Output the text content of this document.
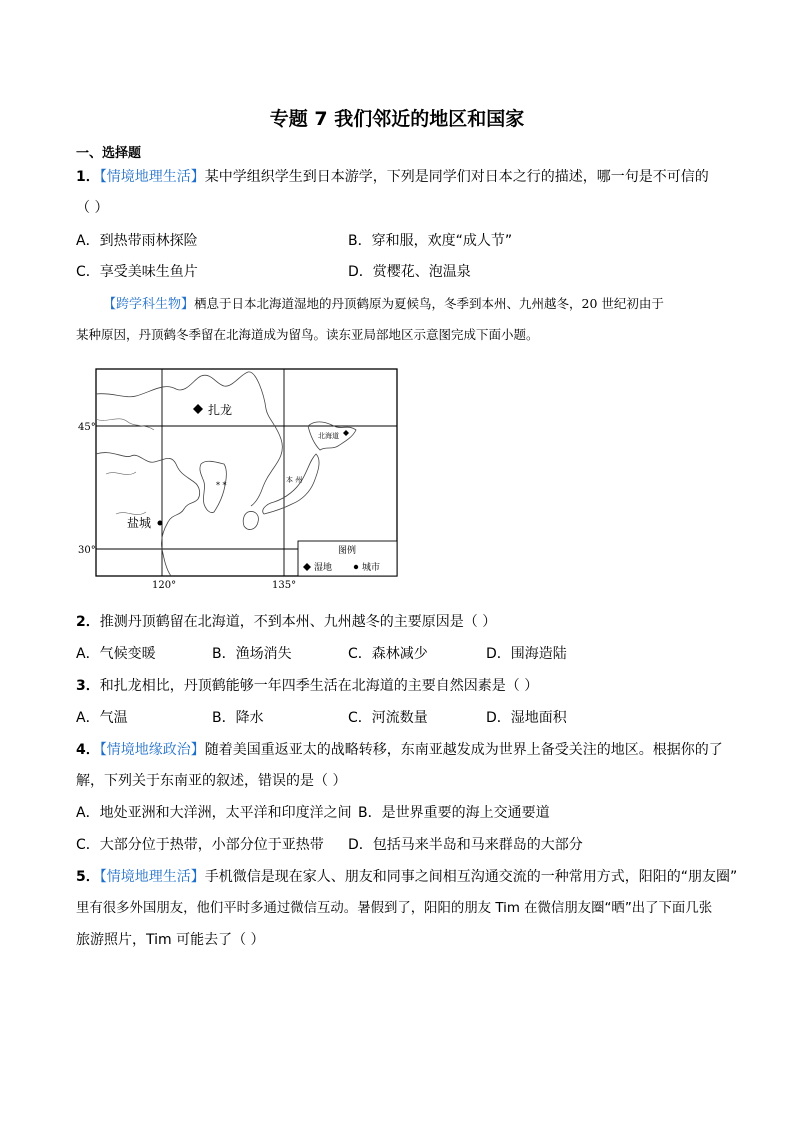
专题 7 我们邻近的地区和国家
一、选择题
1．【情境地理生活】某中学组织学生到日本游学，下列是同学们对日本之行的描述，哪一句是不可信的
（ ）
A．到热带雨林探险	B．穿和服，欢度“成人节”
C．享受美味生鱼片	D．赏樱花、泡温泉
【跨学科生物】栖息于日本北海道湿地的丹顶鹤原为夏候鸟，冬季到本州、九州越冬，20 世纪初由于
某种原因，丹顶鹤冬季留在北海道成为留鸟。读东亚局部地区示意图完成下面小题。
扎龙
盐城
北海道
本 州
* *
45°
30°
120°	135°
图例
湿地	城市
2．推测丹顶鹤留在北海道，不到本州、九州越冬的主要原因是（ ）
A．气候变暖	B．渔场消失	C．森林减少	D．围海造陆
3．和扎龙相比，丹顶鹤能够一年四季生活在北海道的主要自然因素是（ ）
A．气温	B．降水	C．河流数量	D．湿地面积
4．【情境地缘政治】随着美国重返亚太的战略转移，东南亚越发成为世界上备受关注的地区。根据你的了
解，下列关于东南亚的叙述，错误的是（ ）
A．地处亚洲和大洋洲，太平洋和印度洋之间 B．是世界重要的海上交通要道
C．大部分位于热带，小部分位于亚热带 D．包括马来半岛和马来群岛的大部分
5．【情境地理生活】手机微信是现在家人、朋友和同事之间相互沟通交流的一种常用方式，阳阳的“朋友圈”
里有很多外国朋友，他们平时多通过微信互动。暑假到了，阳阳的朋友 Tim 在微信朋友圈“晒”出了下面几张
旅游照片，Tim 可能去了（ ）
